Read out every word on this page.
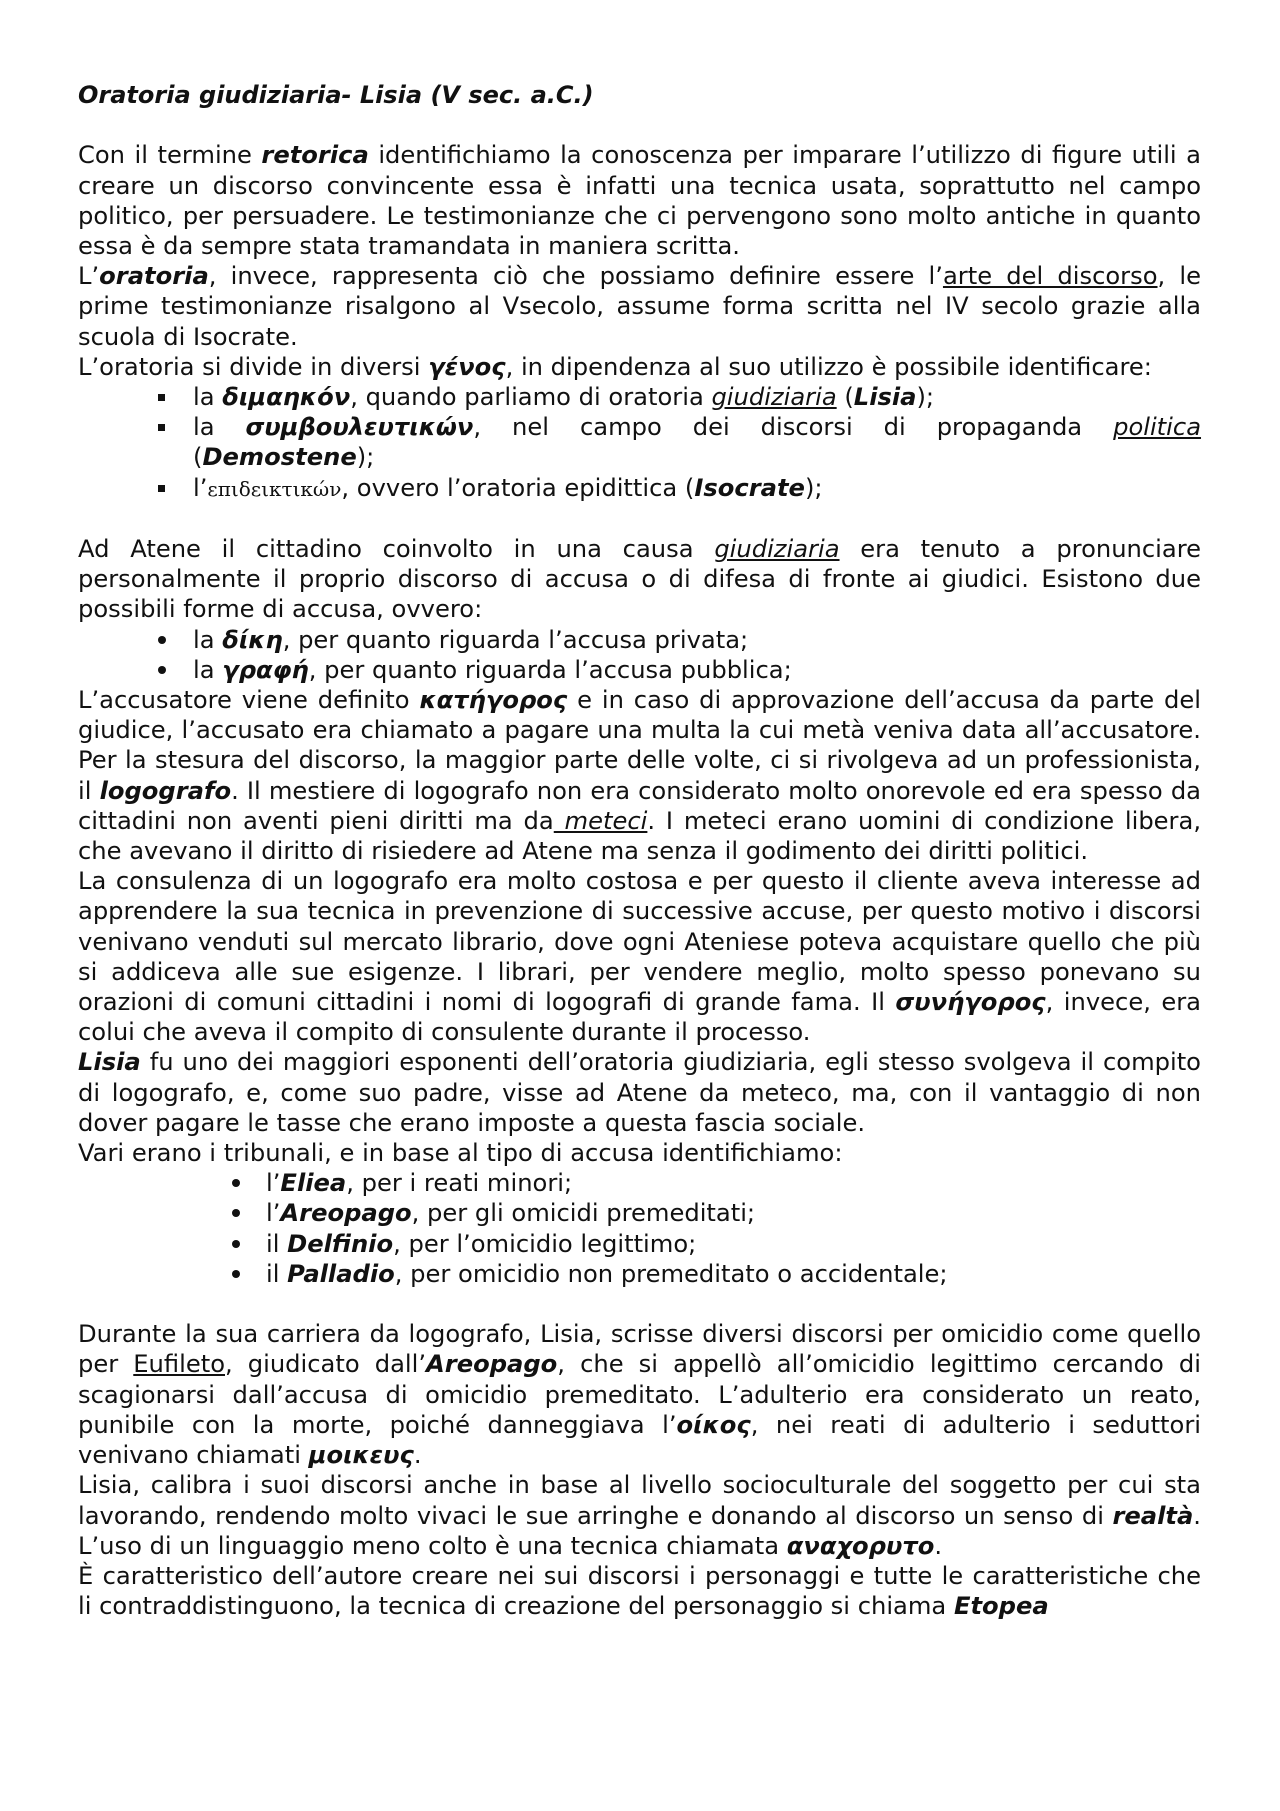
Oratoria giudiziaria- Lisia (V sec. a.C.)

Con il termine retorica identifichiamo la conoscenza per imparare l’utilizzo di figure utili a creare un discorso convincente essa è infatti una tecnica usata, soprattutto nel campo politico, per persuadere. Le testimonianze che ci pervengono sono molto antiche in quanto essa è da sempre stata tramandata in maniera scritta.

L’oratoria, invece, rappresenta ciò che possiamo definire essere l’arte del discorso, le prime testimonianze risalgono al Vsecolo, assume forma scritta nel IV secolo grazie alla scuola di Isocrate.

L’oratoria si divide in diversi γένος, in dipendenza al suo utilizzo è possibile identificare:

la διμαηκόν, quando parliamo di oratoria giudiziaria (Lisia);
la συμβουλευτικών, nel campo dei discorsi di propaganda politica (Demostene);
l’επιδεικτικών, ovvero l’oratoria epidittica (Isocrate);

Ad Atene il cittadino coinvolto in una causa giudiziaria era tenuto a pronunciare personalmente il proprio discorso di accusa o di difesa di fronte ai giudici. Esistono due possibili forme di accusa, ovvero:

la δίκη, per quanto riguarda l’accusa privata;
la γραφή, per quanto riguarda l’accusa pubblica;

L’accusatore viene definito κατήγορος e in caso di approvazione dell’accusa da parte del giudice, l’accusato era chiamato a pagare una multa la cui metà veniva data all’accusatore. Per la stesura del discorso, la maggior parte delle volte, ci si rivolgeva ad un professionista, il logografo. Il mestiere di logografo non era considerato molto onorevole ed era spesso da cittadini non aventi pieni diritti ma da meteci. I meteci erano uomini di condizione libera, che avevano il diritto di risiedere ad Atene ma senza il godimento dei diritti politici.

La consulenza di un logografo era molto costosa e per questo il cliente aveva interesse ad apprendere la sua tecnica in prevenzione di successive accuse, per questo motivo i discorsi venivano venduti sul mercato librario, dove ogni Ateniese poteva acquistare quello che più si addiceva alle sue esigenze. I librari, per vendere meglio, molto spesso ponevano su orazioni di comuni cittadini i nomi di logografi di grande fama. Il συνήγορος, invece, era colui che aveva il compito di consulente durante il processo.

Lisia fu uno dei maggiori esponenti dell’oratoria giudiziaria, egli stesso svolgeva il compito di logografo, e, come suo padre, visse ad Atene da meteco, ma, con il vantaggio di non dover pagare le tasse che erano imposte a questa fascia sociale.

Vari erano i tribunali, e in base al tipo di accusa identifichiamo:

l’Eliea, per i reati minori;
l’Areopago, per gli omicidi premeditati;
il Delfinio, per l’omicidio legittimo;
il Palladio, per omicidio non premeditato o accidentale;

Durante la sua carriera da logografo, Lisia, scrisse diversi discorsi per omicidio come quello per Eufileto, giudicato dall’Areopago, che si appellò all’omicidio legittimo cercando di scagionarsi dall’accusa di omicidio premeditato. L’adulterio era considerato un reato, punibile con la morte, poiché danneggiava l’οίκος, nei reati di adulterio i seduttori venivano chiamati μοικευς.

Lisia, calibra i suoi discorsi anche in base al livello socioculturale del soggetto per cui sta lavorando, rendendo molto vivaci le sue arringhe e donando al discorso un senso di realtà. L’uso di un linguaggio meno colto è una tecnica chiamata αναχορυτο.

È caratteristico dell’autore creare nei sui discorsi i personaggi e tutte le caratteristiche che li contraddistinguono, la tecnica di creazione del personaggio si chiama Etopea
